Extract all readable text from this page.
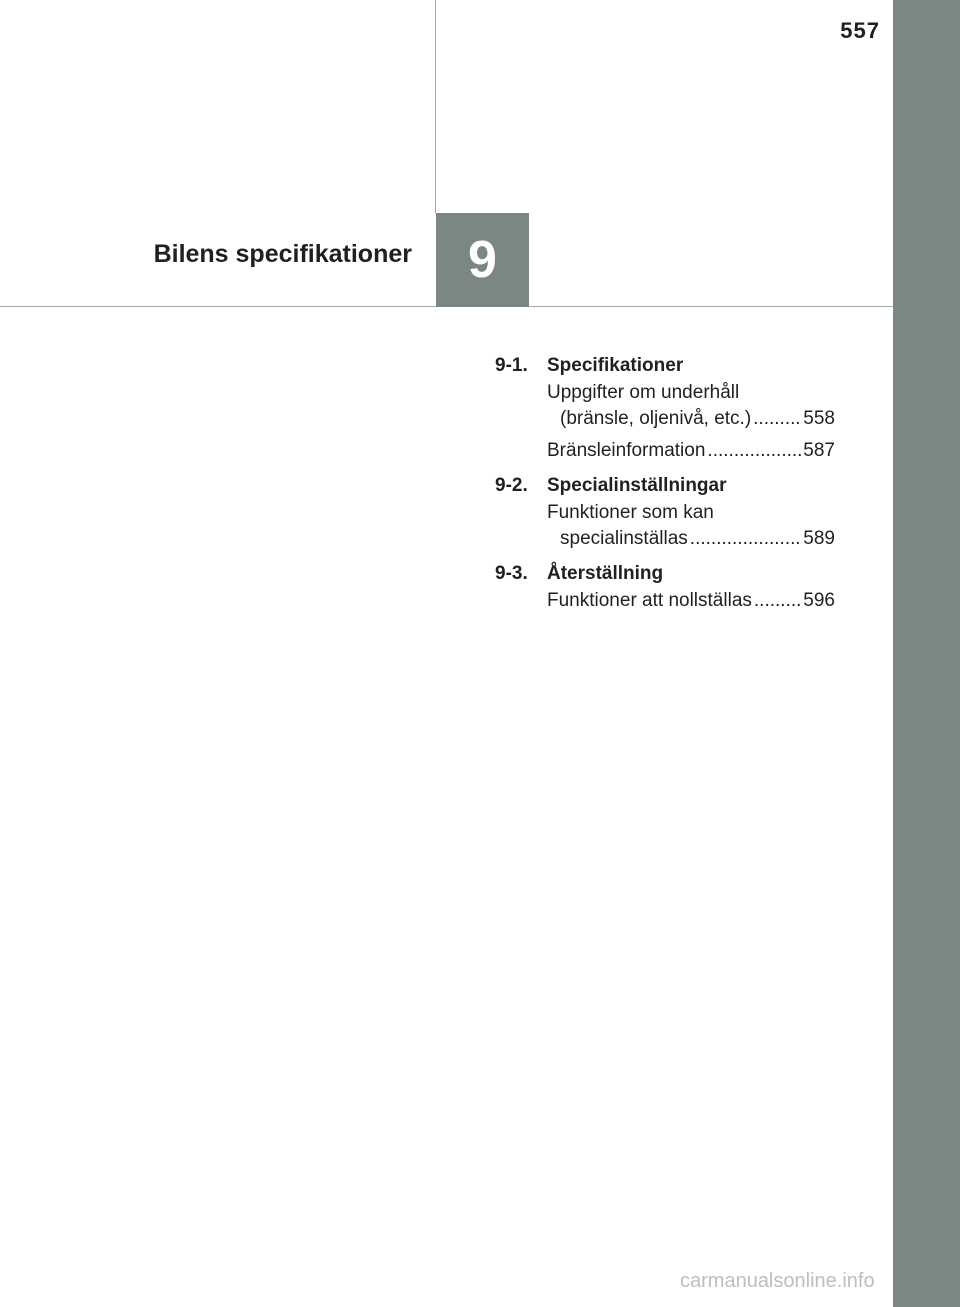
557
9
Bilens specifikationer
9-1.	Specifikationer
Uppgifter om underhåll
(bränsle, oljenivå, etc.) .....	558
Bränsleinformation .....	587
9-2.	Specialinställningar
Funktioner som kan
specialinställas .....	589
9-3.	Återställning
Funktioner att nollställas .....	596
carmanualsonline.info
